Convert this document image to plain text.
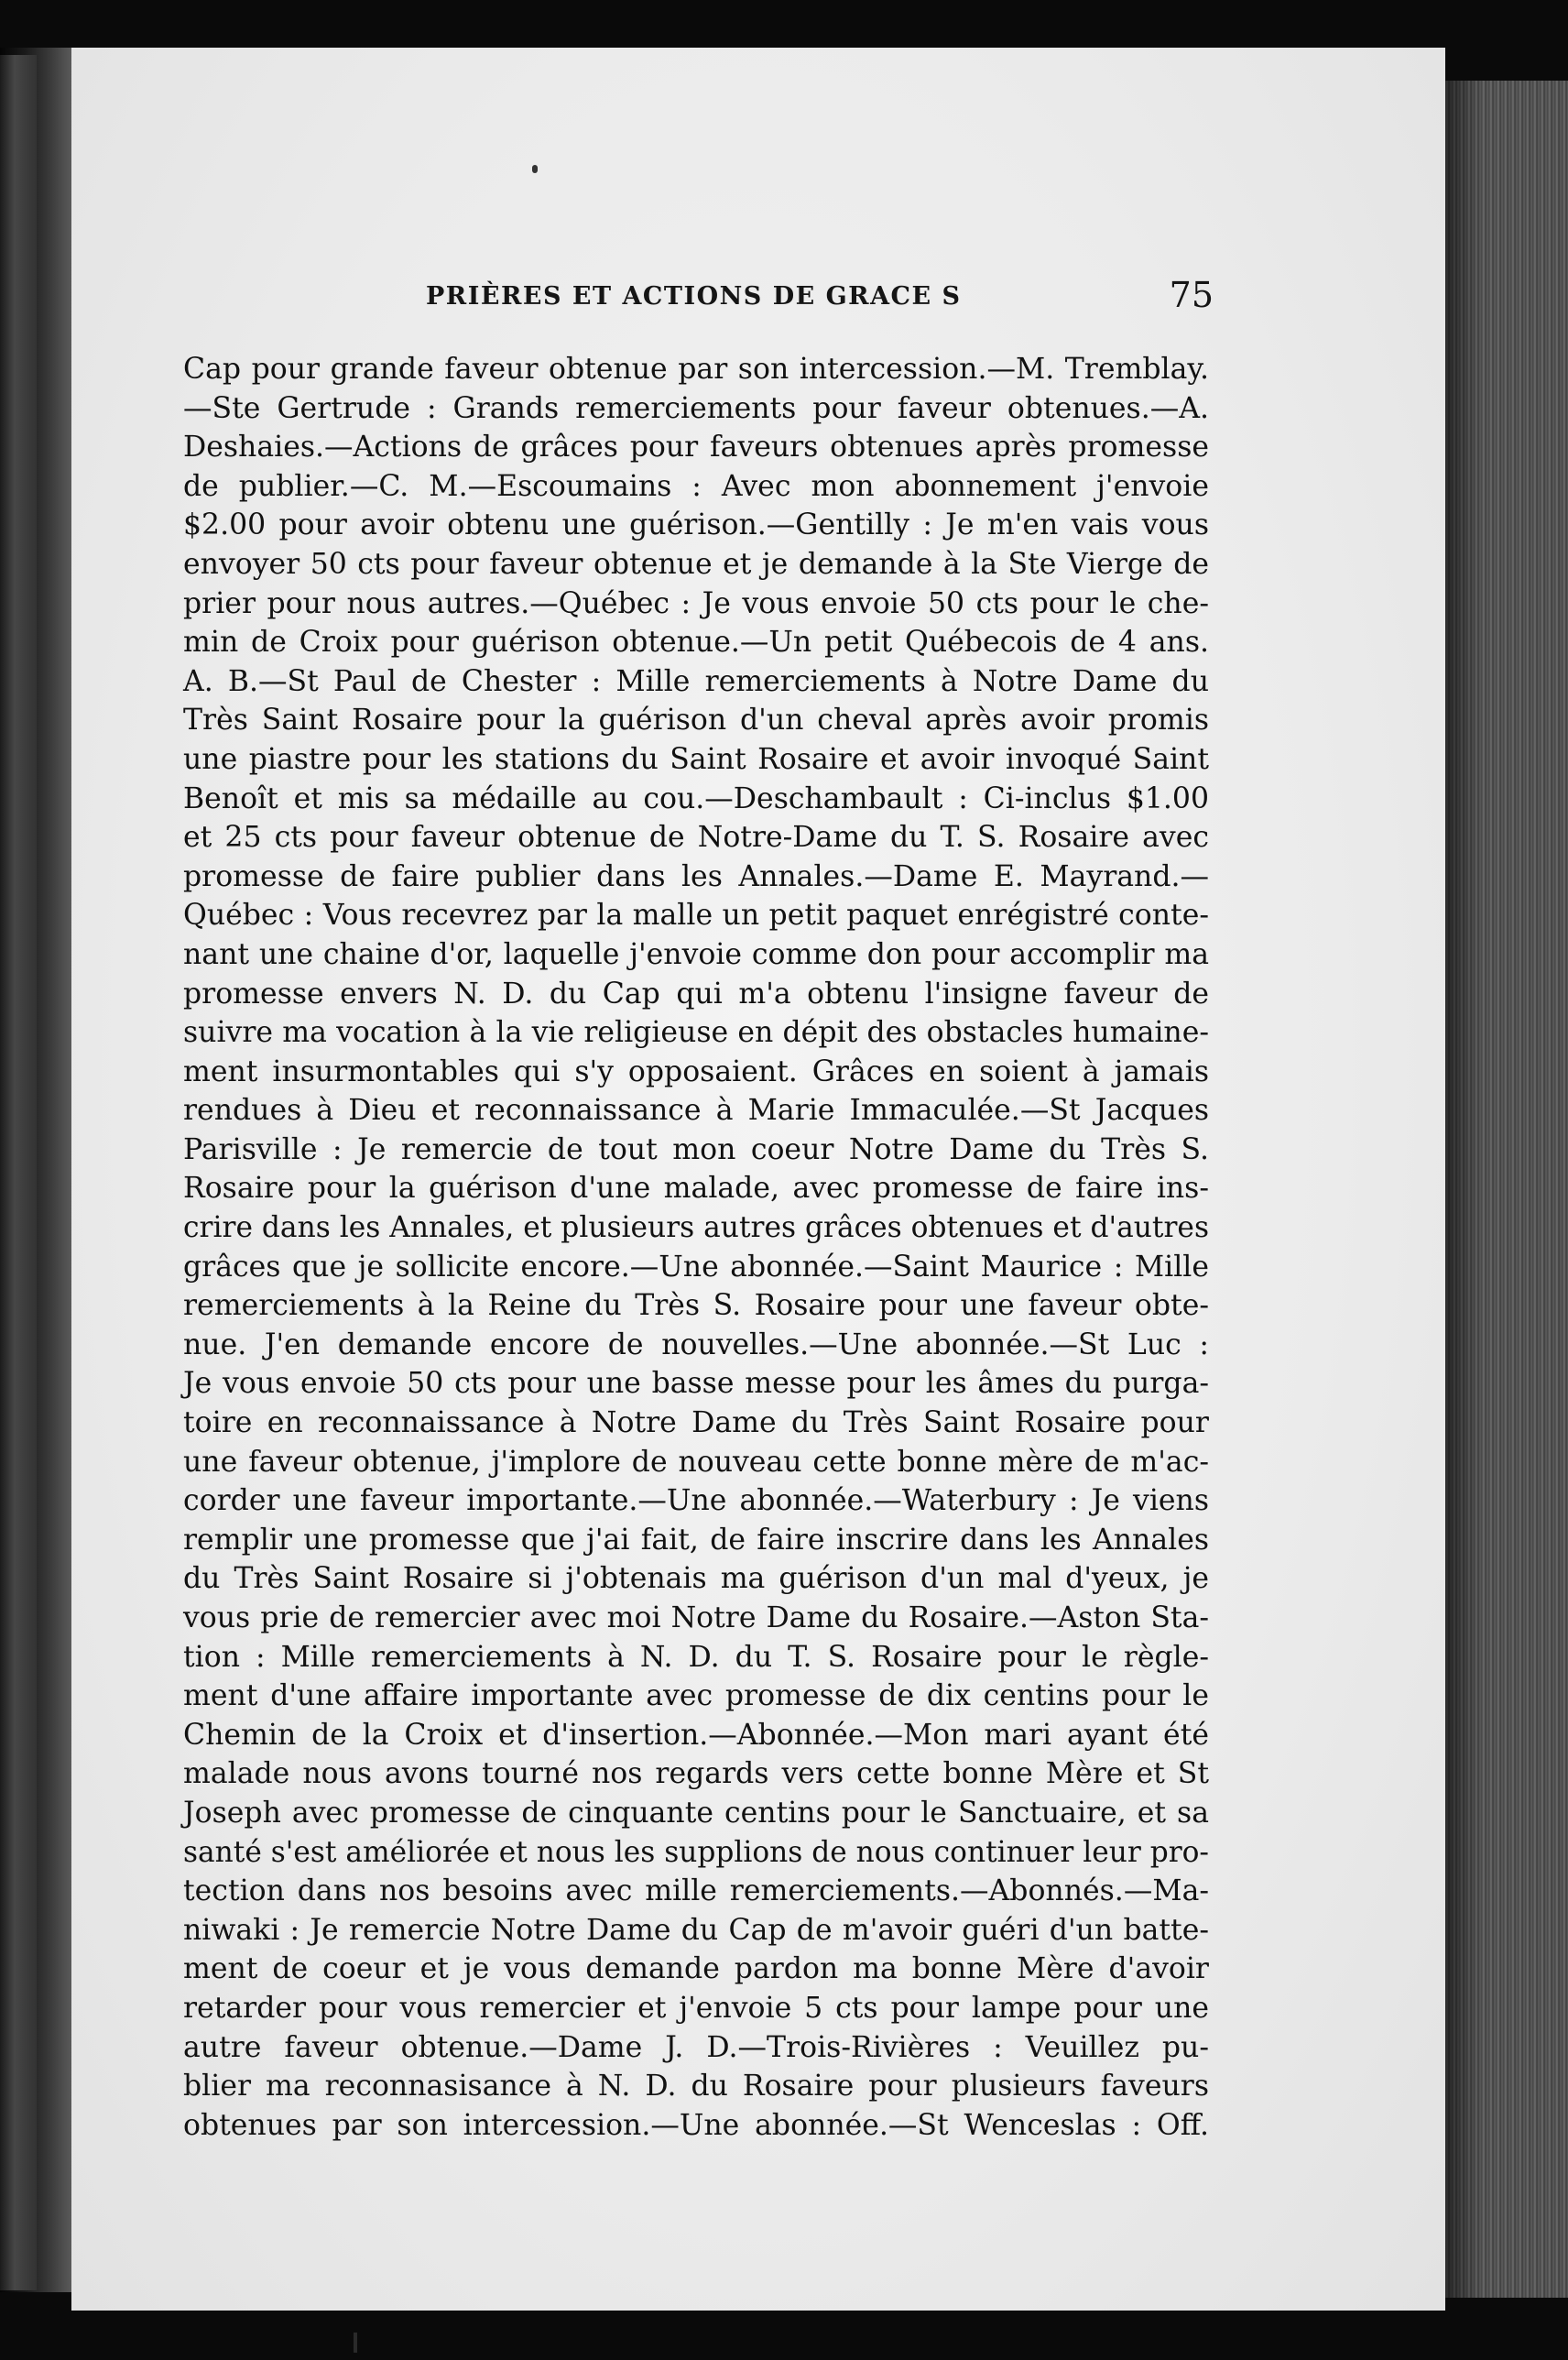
PRIÈRES ET ACTIONS DE GRACE S	75
Cap pour grande faveur obtenue par son intercession.—M. Tremblay.
—Ste Gertrude : Grands remerciements pour faveur obtenues.—A.
Deshaies.—Actions de grâces pour faveurs obtenues après promesse
de publier.—C. M.—Escoumains : Avec mon abonnement j'envoie
$2.00 pour avoir obtenu une guérison.—Gentilly : Je m'en vais vous
envoyer 50 cts pour faveur obtenue et je demande à la Ste Vierge de
prier pour nous autres.—Québec : Je vous envoie 50 cts pour le che-
min de Croix pour guérison obtenue.—Un petit Québecois de 4 ans.
A. B.—St Paul de Chester : Mille remerciements à Notre Dame du
Très Saint Rosaire pour la guérison d'un cheval après avoir promis
une piastre pour les stations du Saint Rosaire et avoir invoqué Saint
Benoît et mis sa médaille au cou.—Deschambault : Ci-inclus $1.00
et 25 cts pour faveur obtenue de Notre-Dame du T. S. Rosaire avec
promesse de faire publier dans les Annales.—Dame E. Mayrand.—
Québec : Vous recevrez par la malle un petit paquet enrégistré conte-
nant une chaine d'or, laquelle j'envoie comme don pour accomplir ma
promesse envers N. D. du Cap qui m'a obtenu l'insigne faveur de
suivre ma vocation à la vie religieuse en dépit des obstacles humaine-
ment insurmontables qui s'y opposaient. Grâces en soient à jamais
rendues à Dieu et reconnaissance à Marie Immaculée.—St Jacques
Parisville : Je remercie de tout mon coeur Notre Dame du Très S.
Rosaire pour la guérison d'une malade, avec promesse de faire ins-
crire dans les Annales, et plusieurs autres grâces obtenues et d'autres
grâces que je sollicite encore.—Une abonnée.—Saint Maurice : Mille
remerciements à la Reine du Très S. Rosaire pour une faveur obte-
nue. J'en demande encore de nouvelles.—Une abonnée.—St Luc :
Je vous envoie 50 cts pour une basse messe pour les âmes du purga-
toire en reconnaissance à Notre Dame du Très Saint Rosaire pour
une faveur obtenue, j'implore de nouveau cette bonne mère de m'ac-
corder une faveur importante.—Une abonnée.—Waterbury : Je viens
remplir une promesse que j'ai fait, de faire inscrire dans les Annales
du Très Saint Rosaire si j'obtenais ma guérison d'un mal d'yeux, je
vous prie de remercier avec moi Notre Dame du Rosaire.—Aston Sta-
tion : Mille remerciements à N. D. du T. S. Rosaire pour le règle-
ment d'une affaire importante avec promesse de dix centins pour le
Chemin de la Croix et d'insertion.—Abonnée.—Mon mari ayant été
malade nous avons tourné nos regards vers cette bonne Mère et St
Joseph avec promesse de cinquante centins pour le Sanctuaire, et sa
santé s'est améliorée et nous les supplions de nous continuer leur pro-
tection dans nos besoins avec mille remerciements.—Abonnés.—Ma-
niwaki : Je remercie Notre Dame du Cap de m'avoir guéri d'un batte-
ment de coeur et je vous demande pardon ma bonne Mère d'avoir
retarder pour vous remercier et j'envoie 5 cts pour lampe pour une
autre faveur obtenue.—Dame J. D.—Trois-Rivières : Veuillez pu-
blier ma reconnasisance à N. D. du Rosaire pour plusieurs faveurs
obtenues par son intercession.—Une abonnée.—St Wenceslas : Off.
